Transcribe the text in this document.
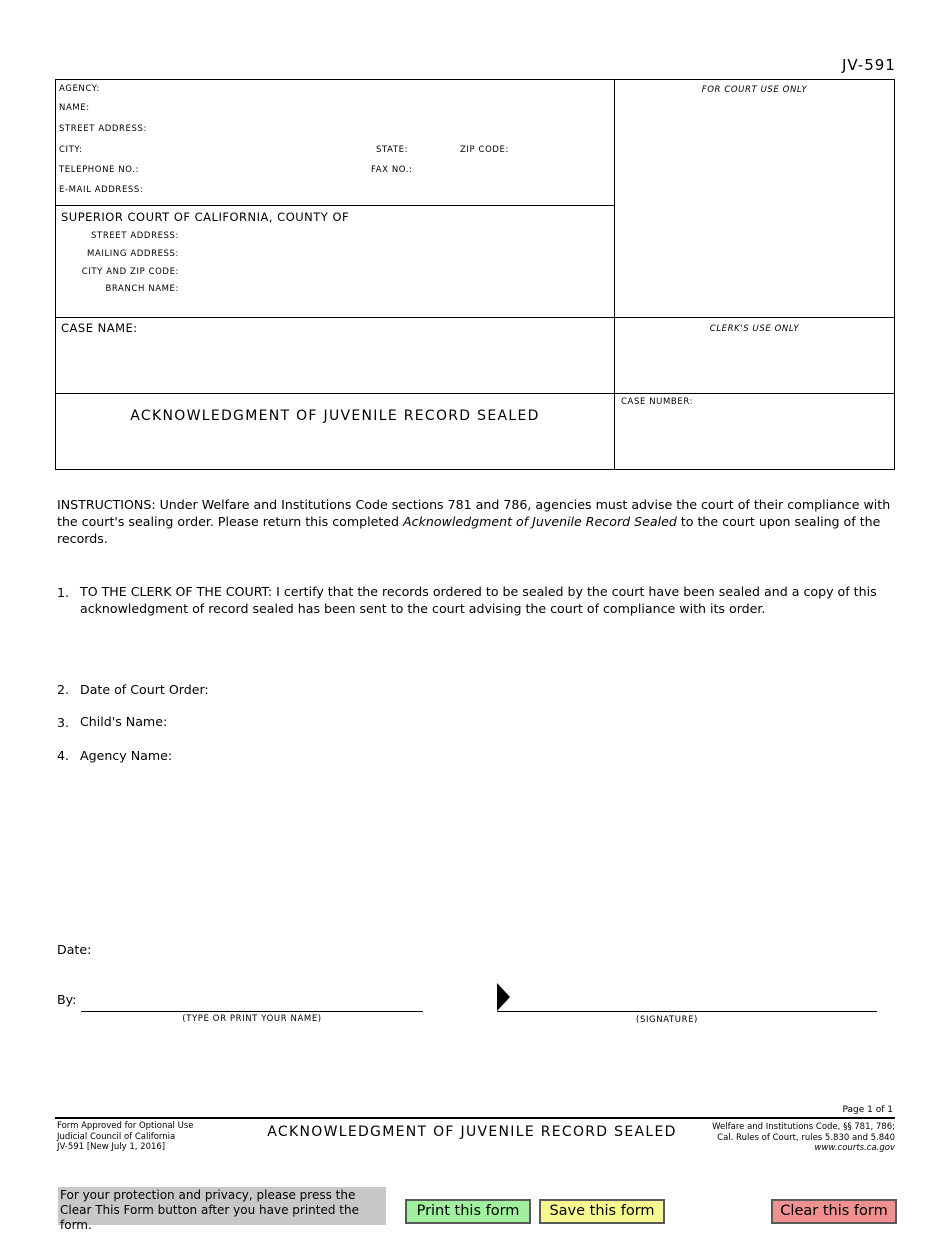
JV-591
AGENCY:
NAME:
STREET ADDRESS:
CITY:	STATE:	ZIP CODE:
TELEPHONE NO.:	FAX NO.:
E-MAIL ADDRESS:
FOR COURT USE ONLY
SUPERIOR COURT OF CALIFORNIA, COUNTY OF
STREET ADDRESS:
MAILING ADDRESS:
CITY AND ZIP CODE:
BRANCH NAME:
CASE NAME:	CLERK'S USE ONLY
ACKNOWLEDGMENT OF JUVENILE RECORD SEALED
CASE NUMBER:
INSTRUCTIONS: Under Welfare and Institutions Code sections 781 and 786, agencies must advise the court of their compliance with the court's sealing order. Please return this completed Acknowledgment of Juvenile Record Sealed to the court upon sealing of the records.
1. TO THE CLERK OF THE COURT: I certify that the records ordered to be sealed by the court have been sealed and a copy of this acknowledgment of record sealed has been sent to the court advising the court of compliance with its order.
2. Date of Court Order:
3. Child's Name:
4. Agency Name:
Date:
By:
(TYPE OR PRINT YOUR NAME)	(SIGNATURE)
Page 1 of 1
Form Approved for Optional Use
Judicial Council of California
JV-591 [New July 1, 2016]
ACKNOWLEDGMENT OF JUVENILE RECORD SEALED	Welfare and Institutions Code, §§ 781, 786;
Cal. Rules of Court, rules 5.830 and 5.840
www.courts.ca.gov
For your protection and privacy, please press the Clear This Form button after you have printed the form.
Print this form	Save this form	Clear this form
